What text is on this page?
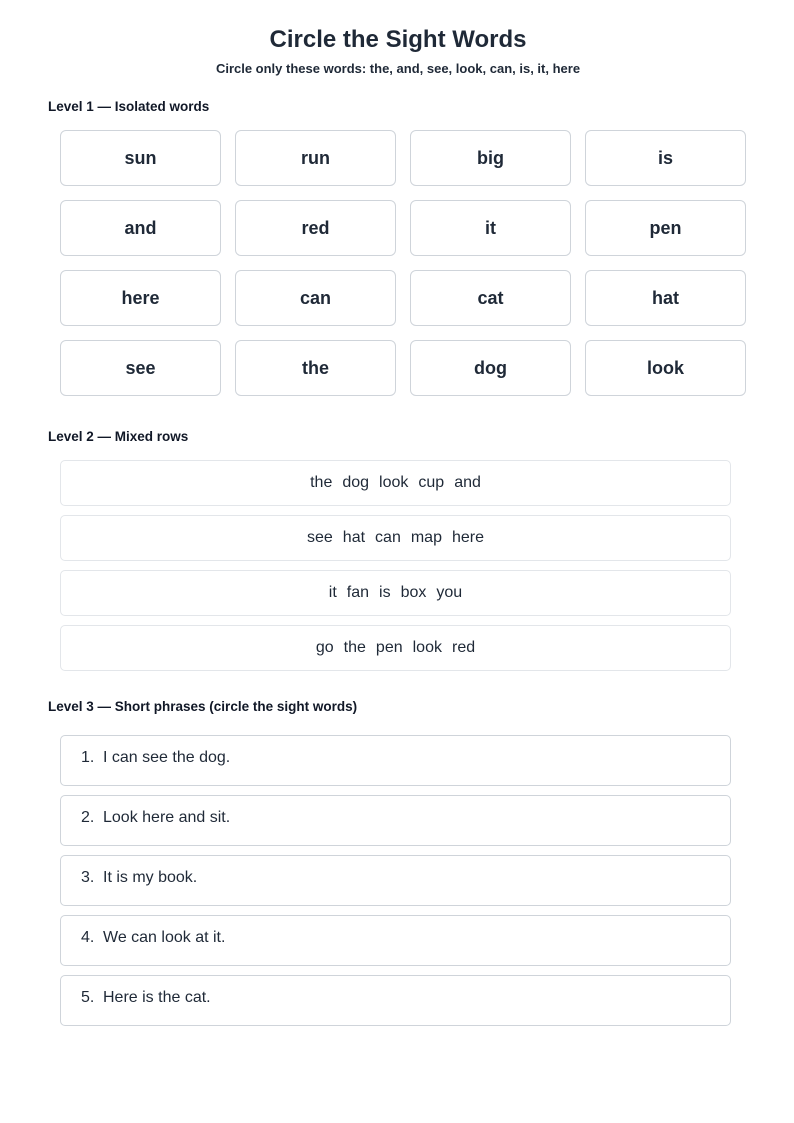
Circle the Sight Words
Circle only these words: the, and, see, look, can, is, it, here
Level 1 — Isolated words
sun	run	big	is
and	red	it	pen
here	can	cat	hat
see	the	dog	look
Level 2 — Mixed rows
the dog look cup and
see hat can map here
it fan is box you
go the pen look red
Level 3 — Short phrases (circle the sight words)
1. I can see the dog.
2. Look here and sit.
3. It is my book.
4. We can look at it.
5. Here is the cat.
